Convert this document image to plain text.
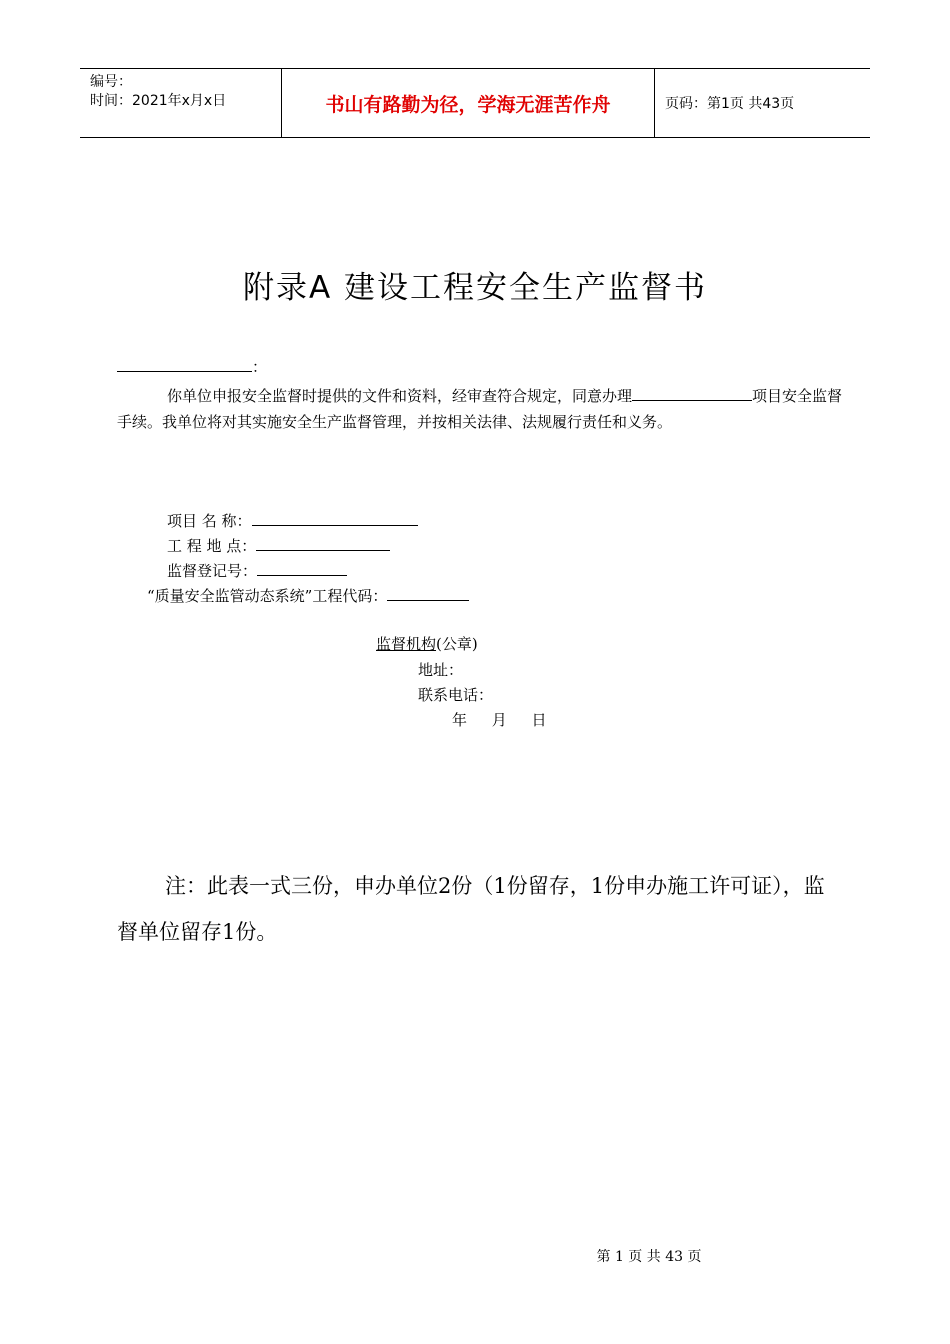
编号：
时间：2021年x月x日	书山有路勤为径，学海无涯苦作舟	页码：第1页 共43页
附录A 建设工程安全生产监督书
：
你单位申报安全监督时提供的文件和资料，经审查符合规定，同意办理	项目安全监督手续。我单位将对其实施安全生产监督管理，并按相关法律、法规履行责任和义务。
项目 名 称：
工 程 地 点：
监督登记号：
“质量安全监管动态系统”工程代码：
监督机构(公章)
地址：
联系电话：
年 月 日
注：此表一式三份，申办单位2份（1份留存，1份申办施工许可证），监督单位留存1份。
第 1 页 共 43 页
